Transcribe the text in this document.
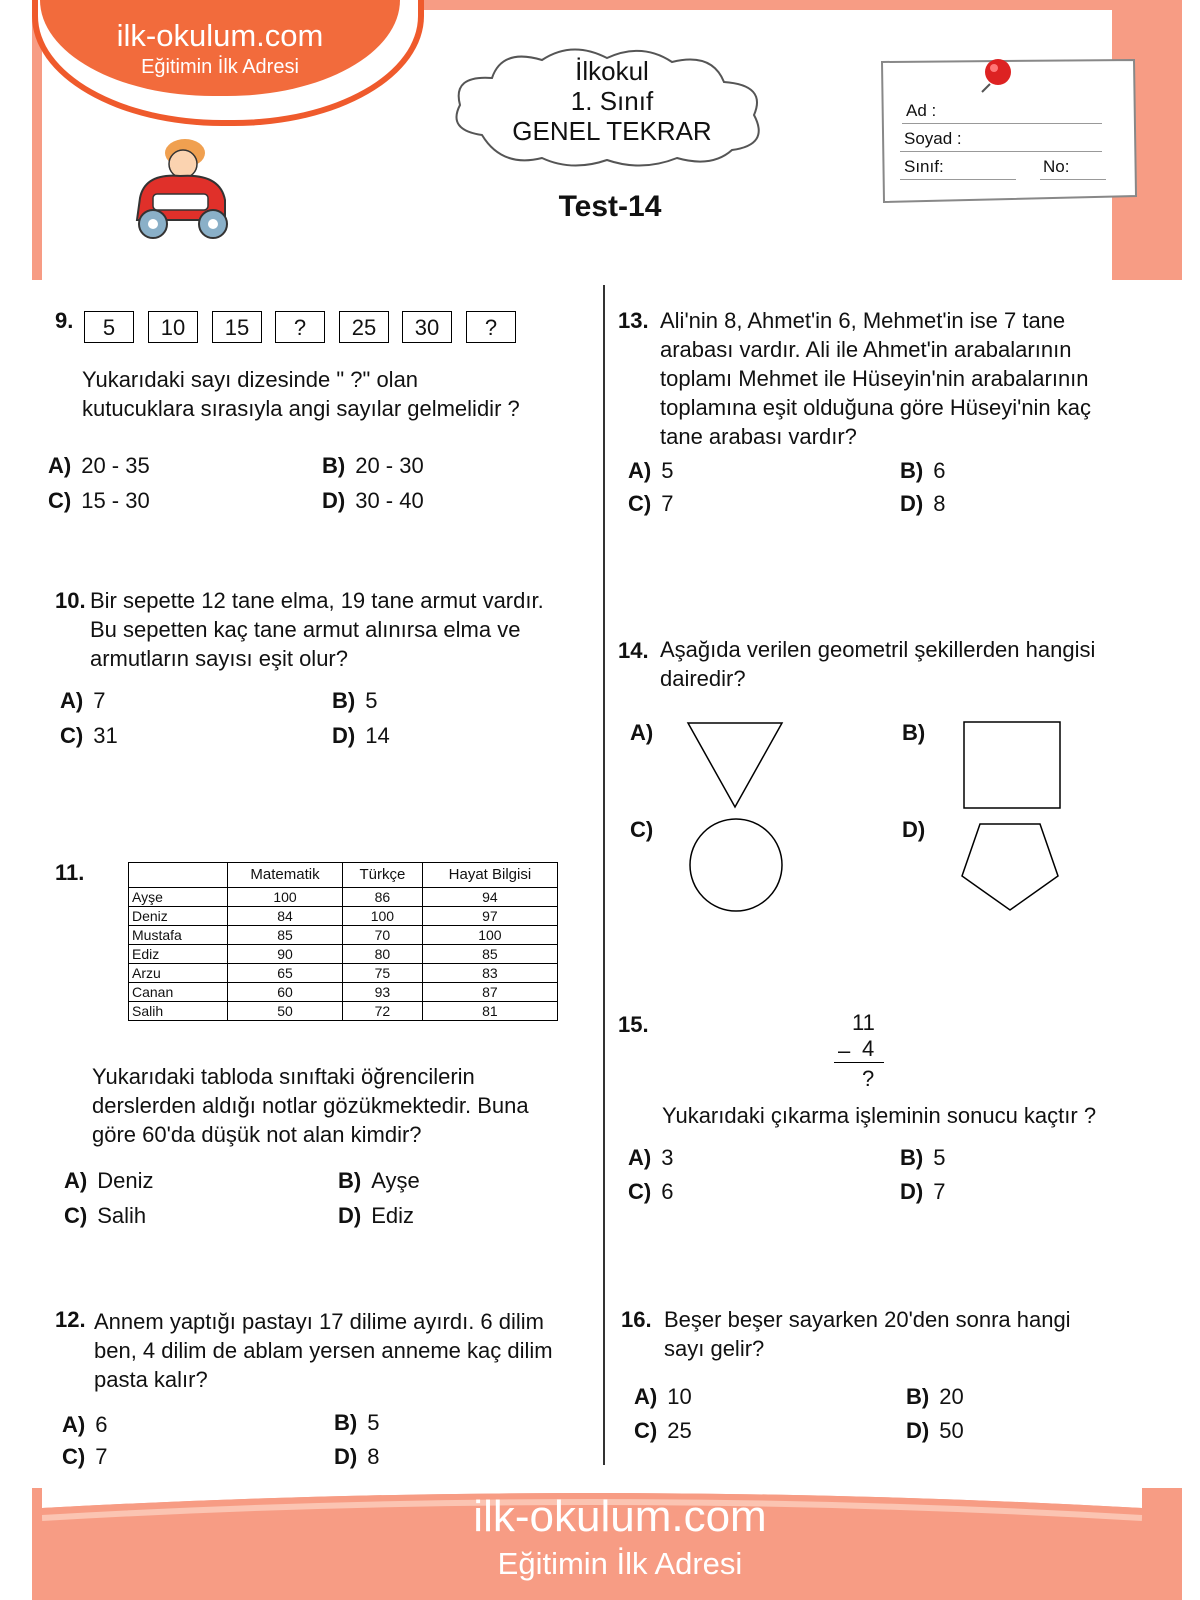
ilk-okulum.com
Eğitimin İlk Adresi	İlkokul
1. Sınıf
GENEL TEKRAR
Test-14
Ad :
Soyad :
Sınıf:	No:
9.	5	10	15	?	25	30	?
Yukarıdaki sayı dizesinde " ?" olan
kutucuklara sırasıyla angi sayılar gelmelidir ?
A) 20 - 35	B) 20 - 30
C) 15 - 30	D) 30 - 40
10. Bir sepette 12 tane elma, 19 tane armut vardır.
Bu sepetten kaç tane armut alınırsa elma ve
armutların sayısı eşit olur?
A) 7	B) 5
C) 31	D) 14
11.
		Matematik	Türkçe	Hayat Bilgisi
Ayşe	100	86	94
Deniz	84	100	97
Mustafa	85	70	100
Ediz	90	80	85
Arzu	65	75	83
Canan	60	93	87
Salih	50	72	81
Yukarıdaki tabloda sınıftaki öğrencilerin
derslerden aldığı notlar gözükmektedir. Buna
göre 60'da düşük not alan kimdir?
A) Deniz	B) Ayşe
C) Salih	D) Ediz
12. Annem yaptığı pastayı 17 dilime ayırdı. 6 dilim
ben, 4 dilim de ablam yersen anneme kaç dilim
pasta kalır?
A) 6	B) 5
C) 7	D) 8
13. Ali'nin 8, Ahmet'in 6, Mehmet'in ise 7 tane
arabası vardır. Ali ile Ahmet'in arabalarının
toplamı Mehmet ile Hüseyin'nin arabalarının
toplamına eşit olduğuna göre Hüseyi'nin kaç
tane arabası vardır?
A) 5	B) 6
C) 7	D) 8
14. Aşağıda verilen geometril şekillerden hangisi
dairedir?
A)	B)
C)	D)
15.	11
– 4
?
Yukarıdaki çıkarma işleminin sonucu kaçtır ?
A) 3	B) 5
C) 6	D) 7
16. Beşer beşer sayarken 20'den sonra hangi
sayı gelir?
A) 10	B) 20
C) 25	D) 50
ilk-okulum.com
Eğitimin İlk Adresi
